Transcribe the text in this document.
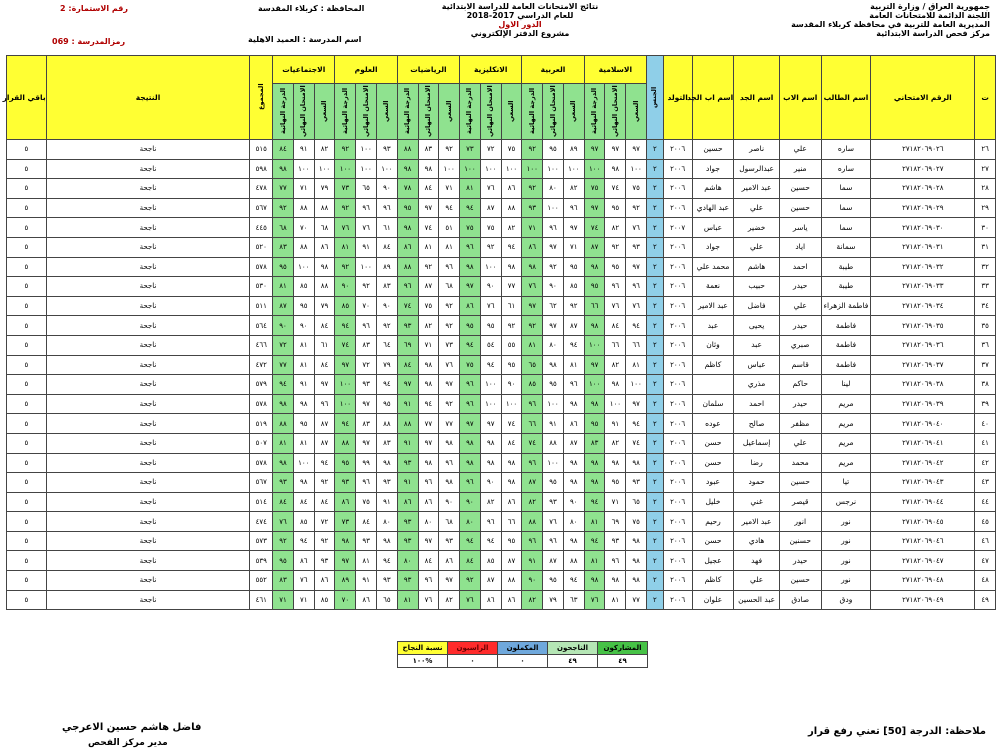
جمهورية العراق / وزارة التربية
اللجنة الدائمة للامتحانات العامة
المديرية العامة للتربية في محافظة كربلاء المقدسة
مركز فحص الدراسة الابتدائية
نتائج الامتحانات العامة للدراسة الابتدائية
للعام الدراسي 2017-2018
الدور الاول
مشروع الدفتر الإلكتروني
المحافظة : كربلاء المقدسة
اسم المدرسة : العميد الاهلية
رقم الاستمارة: 2
رمزالمدرسة : 069
ت	الرقم الامتحاني	اسم الطالب	اسم الاب	اسم الجد	اسم اب الجد	التولد	الجنس	الاسلامية			العربية			الانكليزية			الرياضيات			العلوم			الاجتماعيات			المجموع	النتيجة	باقي القرار
								السعي	الامتحان النهائي	الدرجة النهائية	السعي	الامتحان النهائي	الدرجة النهائية	السعي	الامتحان النهائي	الدرجة النهائية	السعي	الامتحان النهائي	الدرجة النهائية	السعي	الامتحان النهائي	الدرجة النهائية	السعي	الامتحان النهائي	الدرجة النهائية			
٢٦	٢٧١٨٢٠٦٩٠٢٦	ساره	علي	ناصر	حسين	٢٠٠٦	٢	٩٧	٩٧	٩٧	٨٩	٩٥	٩٢	٧٥	٧٢	٧٣	٩٢	٨٣	٨٨	٩٣	١٠٠	٩٢	٨٢	٩١	٨٤	٥١٥	ناجحة	٥
٢٧	٢٧١٨٢٠٦٩٠٢٧	ساره	منير	عبدالرسول	جواد	٢٠٠٦	٢	١٠٠	٩٨	١٠٠	١٠٠	١٠٠	١٠٠	١٠٠	١٠٠	١٠٠	١٠٠	٩٨	٩٨	١٠٠	١٠٠	١٠٠	١٠٠	١٠٠	٩٨	٥٩٨	ناجحة	٥
٢٨	٢٧١٨٢٠٦٩٠٢٨	سما	حسين	عبد الامير	هاشم	٢٠٠٦	٢	٧٥	٧٤	٧٥	٨٢	٨٠	٩٢	٨٦	٧٦	٨١	٧١	٨٤	٧٨	٩٠	٦٥	٧٣	٧٩	٧١	٧٧	٤٧٨	ناجحة	٥
٢٩	٢٧١٨٢٠٦٩٠٢٩	سما	حسين	علي	عبد الهادي	٢٠٠٦	٢	٩٢	٩٥	٩٧	٩٦	١٠٠	٩٣	٨٨	٨٧	٩٤	٩٤	٩٧	٩٥	٩٦	٩٦	٩٢	٨٨	٨٨	٩٢	٥٦٧	ناجحة	٥
٣٠	٢٧١٨٢٠٦٩٠٣٠	سما	ياسر	خضير	عباس	٢٠٠٧	٢	٧٦	٨٢	٧٤	٩٧	٩٦	٧١	٨٢	٧٥	٧٥	٥١	٧٤	٩٨	٦١	٧٦	٧٦	٦٨	٧٠	٦٨	٤٤٥	ناجحة	٥
٣١	٢٧١٨٢٠٦٩٠٣١	سمانة	اياد	علي	جواد	٢٠٠٦	٢	٩٣	٩٢	٨٧	٧١	٩٧	٨٦	٩٤	٩٢	٩٦	٨١	٨١	٨٦	٨٤	٩١	٨١	٨٦	٨٨	٨٣	٥٢٠	ناجحة	٥
٣٢	٢٧١٨٢٠٦٩٠٣٢	طيبة	احمد	هاشم	محمد علي	٢٠٠٦	٢	٩٧	٩٥	٩٨	٩٥	٩٢	٩٨	٩٨	١٠٠	٩٨	٩٦	٩٢	٨٨	٨٩	١٠٠	٩٢	٩٨	١٠٠	٩٥	٥٧٨	ناجحة	٥
٣٣	٢٧١٨٢٠٦٩٠٣٣	طيبة	حيدر	حبيب	نعمة	٢٠٠٦	٢	٩٦	٩٦	٩٥	٨٥	٩٠	٧٦	٧٧	٩٠	٩٧	٦٨	٨٧	٩٦	٨٣	٩٢	٩٠	٨٨	٨٥	٨١	٥٣٠	ناجحة	٥
٣٤	٢٧١٨٢٠٦٩٠٣٤	فاطمة الزهراء	علي	فاضل	عبد الامير	٢٠٠٦	٢	٧٦	٧٦	٦٦	٩٢	٦٢	٩٧	٦١	٧٦	٨٦	٩٢	٧٥	٧٤	٩٠	٧٠	٨٥	٧٩	٩٥	٨٧	٥١١	ناجحة	٥
٣٥	٢٧١٨٢٠٦٩٠٣٥	فاطمة	حيدر	يحيى	عبد	٢٠٠٦	٢	٩٤	٨٤	٩٨	٨٧	٩٧	٩٢	٩٢	٩٥	٩٥	٩٢	٨٢	٩٣	٩٢	٩٦	٩٤	٨٤	٩٠	٩٠	٥٦٤	ناجحة	٥
٣٦	٢٧١٨٢٠٦٩٠٣٦	فاطمة	صبري	عبد	وثان	٢٠٠٦	٢	٦٦	٦٦	١٠٠	٩٤	٨٠	٨١	٥٥	٥٤	٩٤	٧٣	٧١	٦٩	٦٤	٨٣	٧٤	٦١	٨١	٧٢	٤٦٦	ناجحة	٥
٣٧	٢٧١٨٢٠٦٩٠٣٧	فاطمة	قاسم	عباس	كاظم	٢٠٠٦	٢	٨١	٨٢	٩٧	٨١	٩٨	٦٥	٩٥	٩٤	٧٥	٧٦	٩٨	٨٤	٧٩	٧٢	٩٧	٨٤	٨١	٧٧	٤٧٢	ناجحة	٥
٣٨	٢٧١٨٢٠٦٩٠٣٨	لينا	حاكم	مذري		٢٠٠٦	٢	١٠٠	٩٨	١٠٠	٩٦	٩٥	٨٥	٩٠	١٠٠	٩٦	٩٧	٩٨	٩٧	٩٤	٩٣	١٠٠	٩٧	٩١	٩٤	٥٧٩	ناجحة	٥
٣٩	٢٧١٨٢٠٦٩٠٣٩	مريم	حيدر	احمد	سلمان	٢٠٠٦	٢	٩٧	١٠٠	٩٨	٩٨	١٠٠	٩٦	١٠٠	١٠٠	٩٦	٩٢	٩٤	٩١	٩٥	٩٧	١٠٠	٩٦	٩٨	٩٨	٥٧٨	ناجحة	٥
٤٠	٢٧١٨٢٠٦٩٠٤٠	مريم	مظفر	صالح	عوده	٢٠٠٦	٢	٩٤	٩١	٩٥	٨٦	٩١	٦٦	٧٤	٩٧	٩٧	٧٧	٧٧	٨٨	٨٨	٨٣	٩٤	٨٧	٩٥	٨٨	٥١٩	ناجحة	٥
٤١	٢٧١٨٢٠٦٩٠٤١	مريم	علي	إسماعيل	حسن	٢٠٠٦	٢	٧٤	٨٢	٨٣	٨٧	٨٨	٧٤	٨٤	٩٨	٩٨	٩٨	٩٧	٩١	٨٣	٩٧	٨٨	٨٧	٨١	٨١	٥٠٧	ناجحة	٥
٤٢	٢٧١٨٢٠٦٩٠٤٢	مريم	محمد	رضا	حسن	٢٠٠٦	٢	٩٨	٩٨	٩٨	٩٨	١٠٠	٩٦	٩٨	٩٨	٩٨	٩٦	٩٨	٩٣	٩٨	٩٩	٩٥	٩٤	١٠٠	٩٨	٥٧٨	ناجحة	٥
٤٣	٢٧١٨٢٠٦٩٠٤٣	تيا	حسين	حمود	عبود	٢٠٠٦	٢	٩٣	٩٥	٩٨	٩٨	٩٥	٨٧	٩٨	٩٠	٩٦	٩٨	٩٦	٩١	٩٣	٩٦	٩٣	٩٢	٩٨	٩٣	٥٦٧	ناجحة	٥
٤٤	٢٧١٨٢٠٦٩٠٤٤	نرجس	قيصر	غني	خليل	٢٠٠٦	٢	٦٥	٧١	٩٤	٩٠	٩٣	٨٢	٨٦	٨٢	٩٠	٩٠	٨٦	٨٦	٩١	٧٥	٨٦	٨٤	٨٤	٨٤	٥١٤	ناجحة	٥
٤٥	٢٧١٨٢٠٦٩٠٤٥	نور	انور	عبد الامير	رحيم	٢٠٠٦	٢	٧٥	٦٩	٨١	٨٠	٧٦	٨٨	٦٦	٩٦	٨٠	٦٨	٨٠	٩٣	٨٠	٨٤	٧٣	٧٢	٨٥	٧٦	٤٧٤	ناجحة	٥
٤٦	٢٧١٨٢٠٦٩٠٤٦	نور	حسنين	هادي	حسن	٢٠٠٦	٢	٩٨	٩٣	٩٤	٩٨	٩٦	٩٦	٩٥	٩٤	٩٤	٩٣	٩٧	٩٣	٩٨	٩٣	٩٨	٩٢	٩٤	٩٢	٥٧٣	ناجحة	٥
٤٧	٢٧١٨٢٠٦٩٠٤٧	نور	حيدر	فهد	عجيل	٢٠٠٦	٢	٩٨	٩٦	٨١	٨٨	٨٧	٩١	٨٧	٨٥	٨٤	٨٦	٨٤	٨٠	٩٤	٨١	٩٧	٩٣	٨٦	٩٥	٥٣٩	ناجحة	٥
٤٨	٢٧١٨٢٠٦٩٠٤٨	نور	حسين	علي	كاظم	٢٠٠٦	٢	٩٨	٩٨	٩٨	٩٤	٩٥	٩٠	٨٨	٨٧	٩٢	٩٧	٩٦	٩٣	٩٣	٩١	٨٩	٨٦	٧٦	٨٣	٥٥٢	ناجحة	٥
٤٩	٢٧١٨٢٠٦٩٠٤٩	ودق	صادق	عبد الحسين	علوان	٢٠٠٦	٢	٧٧	٨١	٧٦	٦٣	٧٩	٨٢	٨٦	٨٦	٧٦	٨٢	٧٦	٨١	٦٥	٨٦	٧٠	٨٥	٧١	٧١	٤٦١	ناجحة	٥
المشاركون	الناجحون	المكملون	الراسبون	نسبة النجاح
٤٩	٤٩	٠	٠	%١٠٠
ملاحظة: الدرجة [50] تعني رفع قرار
فاضل هاشم حسين الاعرجي
مدير مركز الفحص
